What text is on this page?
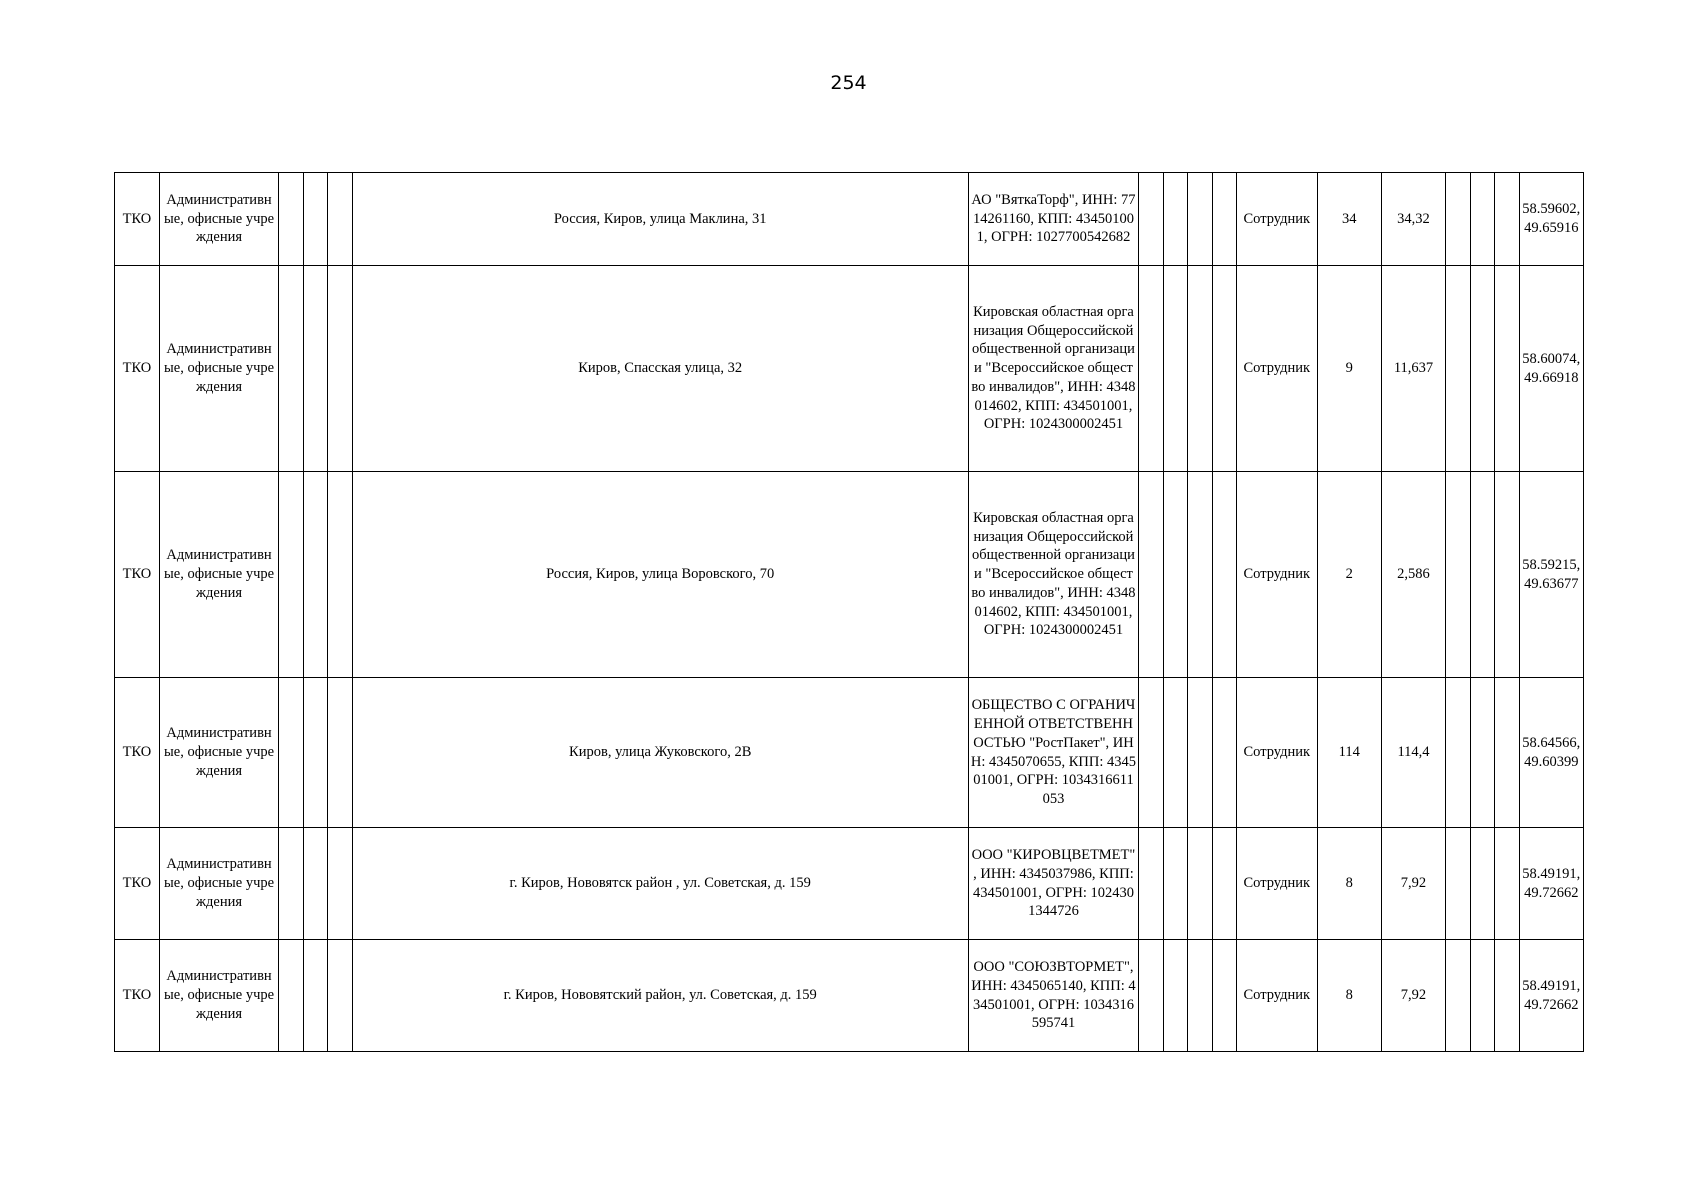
254
ТКО	Административные, офисные учреждения				Россия, Киров, улица Маклина, 31	АО "ВяткаТорф", ИНН: 7714261160, КПП: 434501001, ОГРН: 1027700542682					Сотрудник	34	34,32				58.59602, 49.65916
ТКО	Административные, офисные учреждения				Киров, Спасская улица, 32	Кировская областная организация Общероссийской общественной организации "Всероссийское общество инвалидов", ИНН: 4348014602, КПП: 434501001, ОГРН: 1024300002451					Сотрудник	9	11,637				58.60074, 49.66918
ТКО	Административные, офисные учреждения				Россия, Киров, улица Воровского, 70	Кировская областная организация Общероссийской общественной организации "Всероссийское общество инвалидов", ИНН: 4348014602, КПП: 434501001, ОГРН: 1024300002451					Сотрудник	2	2,586				58.59215, 49.63677
ТКО	Административные, офисные учреждения				Киров, улица Жуковского, 2В	ОБЩЕСТВО С ОГРАНИЧЕННОЙ ОТВЕТСТВЕННОСТЬЮ "РостПакет", ИНН: 4345070655, КПП: 434501001, ОГРН: 1034316611053					Сотрудник	114	114,4				58.64566, 49.60399
ТКО	Административные, офисные учреждения				г. Киров, Нововятск район , ул. Советская, д. 159	ООО "КИРОВЦВЕТМЕТ" , ИНН: 4345037986, КПП: 434501001, ОГРН: 1024301344726					Сотрудник	8	7,92				58.49191, 49.72662
ТКО	Административные, офисные учреждения				г. Киров, Нововятский район, ул. Советская, д. 159	ООО "СОЮЗВТОРМЕТ", ИНН: 4345065140, КПП: 434501001, ОГРН: 1034316595741					Сотрудник	8	7,92				58.49191, 49.72662
